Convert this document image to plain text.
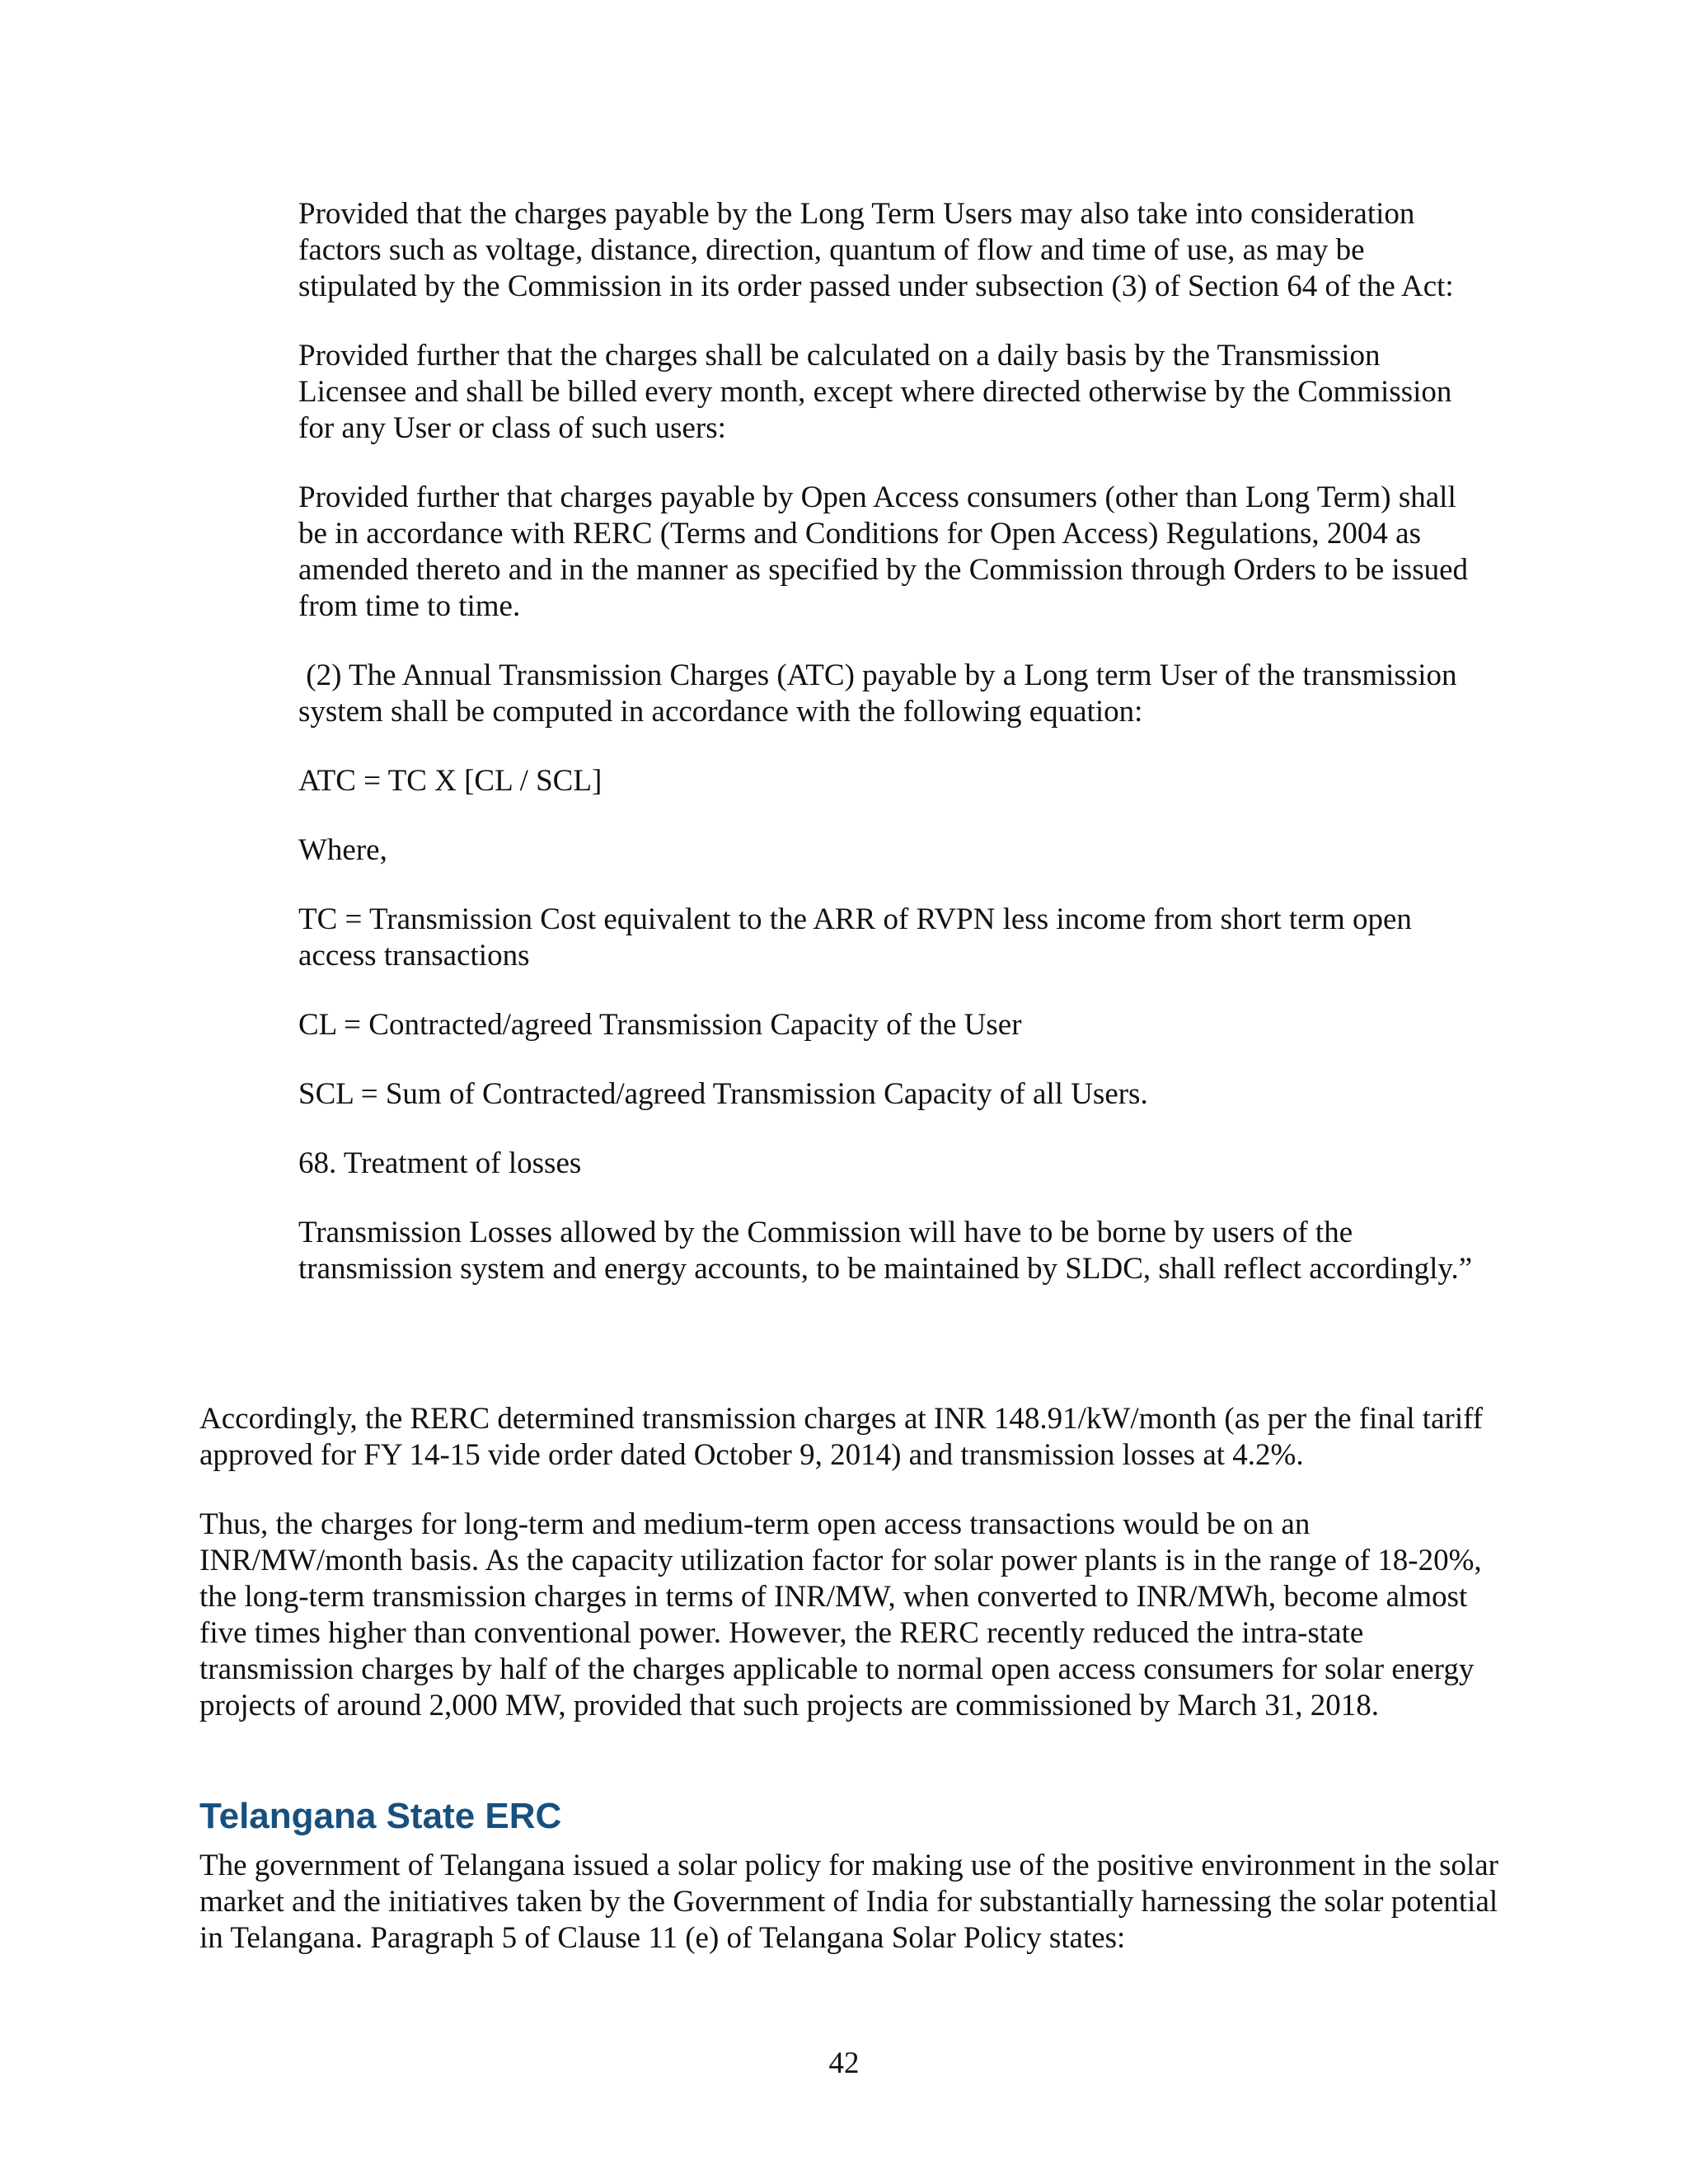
Provided that the charges payable by the Long Term Users may also take into consideration factors such as voltage, distance, direction, quantum of flow and time of use, as may be stipulated by the Commission in its order passed under subsection (3) of Section 64 of the Act:

Provided further that the charges shall be calculated on a daily basis by the Transmission Licensee and shall be billed every month, except where directed otherwise by the Commission for any User or class of such users:

Provided further that charges payable by Open Access consumers (other than Long Term) shall be in accordance with RERC (Terms and Conditions for Open Access) Regulations, 2004 as amended thereto and in the manner as specified by the Commission through Orders to be issued from time to time.

(2) The Annual Transmission Charges (ATC) payable by a Long term User of the transmission system shall be computed in accordance with the following equation:

ATC = TC X [CL / SCL]

Where,

TC = Transmission Cost equivalent to the ARR of RVPN less income from short term open access transactions

CL = Contracted/agreed Transmission Capacity of the User

SCL = Sum of Contracted/agreed Transmission Capacity of all Users.

68. Treatment of losses

Transmission Losses allowed by the Commission will have to be borne by users of the transmission system and energy accounts, to be maintained by SLDC, shall reflect accordingly.”

Accordingly, the RERC determined transmission charges at INR 148.91/kW/month (as per the final tariff approved for FY 14-15 vide order dated October 9, 2014) and transmission losses at 4.2%.

Thus, the charges for long-term and medium-term open access transactions would be on an INR/MW/month basis. As the capacity utilization factor for solar power plants is in the range of 18-20%, the long-term transmission charges in terms of INR/MW, when converted to INR/MWh, become almost five times higher than conventional power. However, the RERC recently reduced the intra-state transmission charges by half of the charges applicable to normal open access consumers for solar energy projects of around 2,000 MW, provided that such projects are commissioned by March 31, 2018.

Telangana State ERC

The government of Telangana issued a solar policy for making use of the positive environment in the solar market and the initiatives taken by the Government of India for substantially harnessing the solar potential in Telangana. Paragraph 5 of Clause 11 (e) of Telangana Solar Policy states:

42
